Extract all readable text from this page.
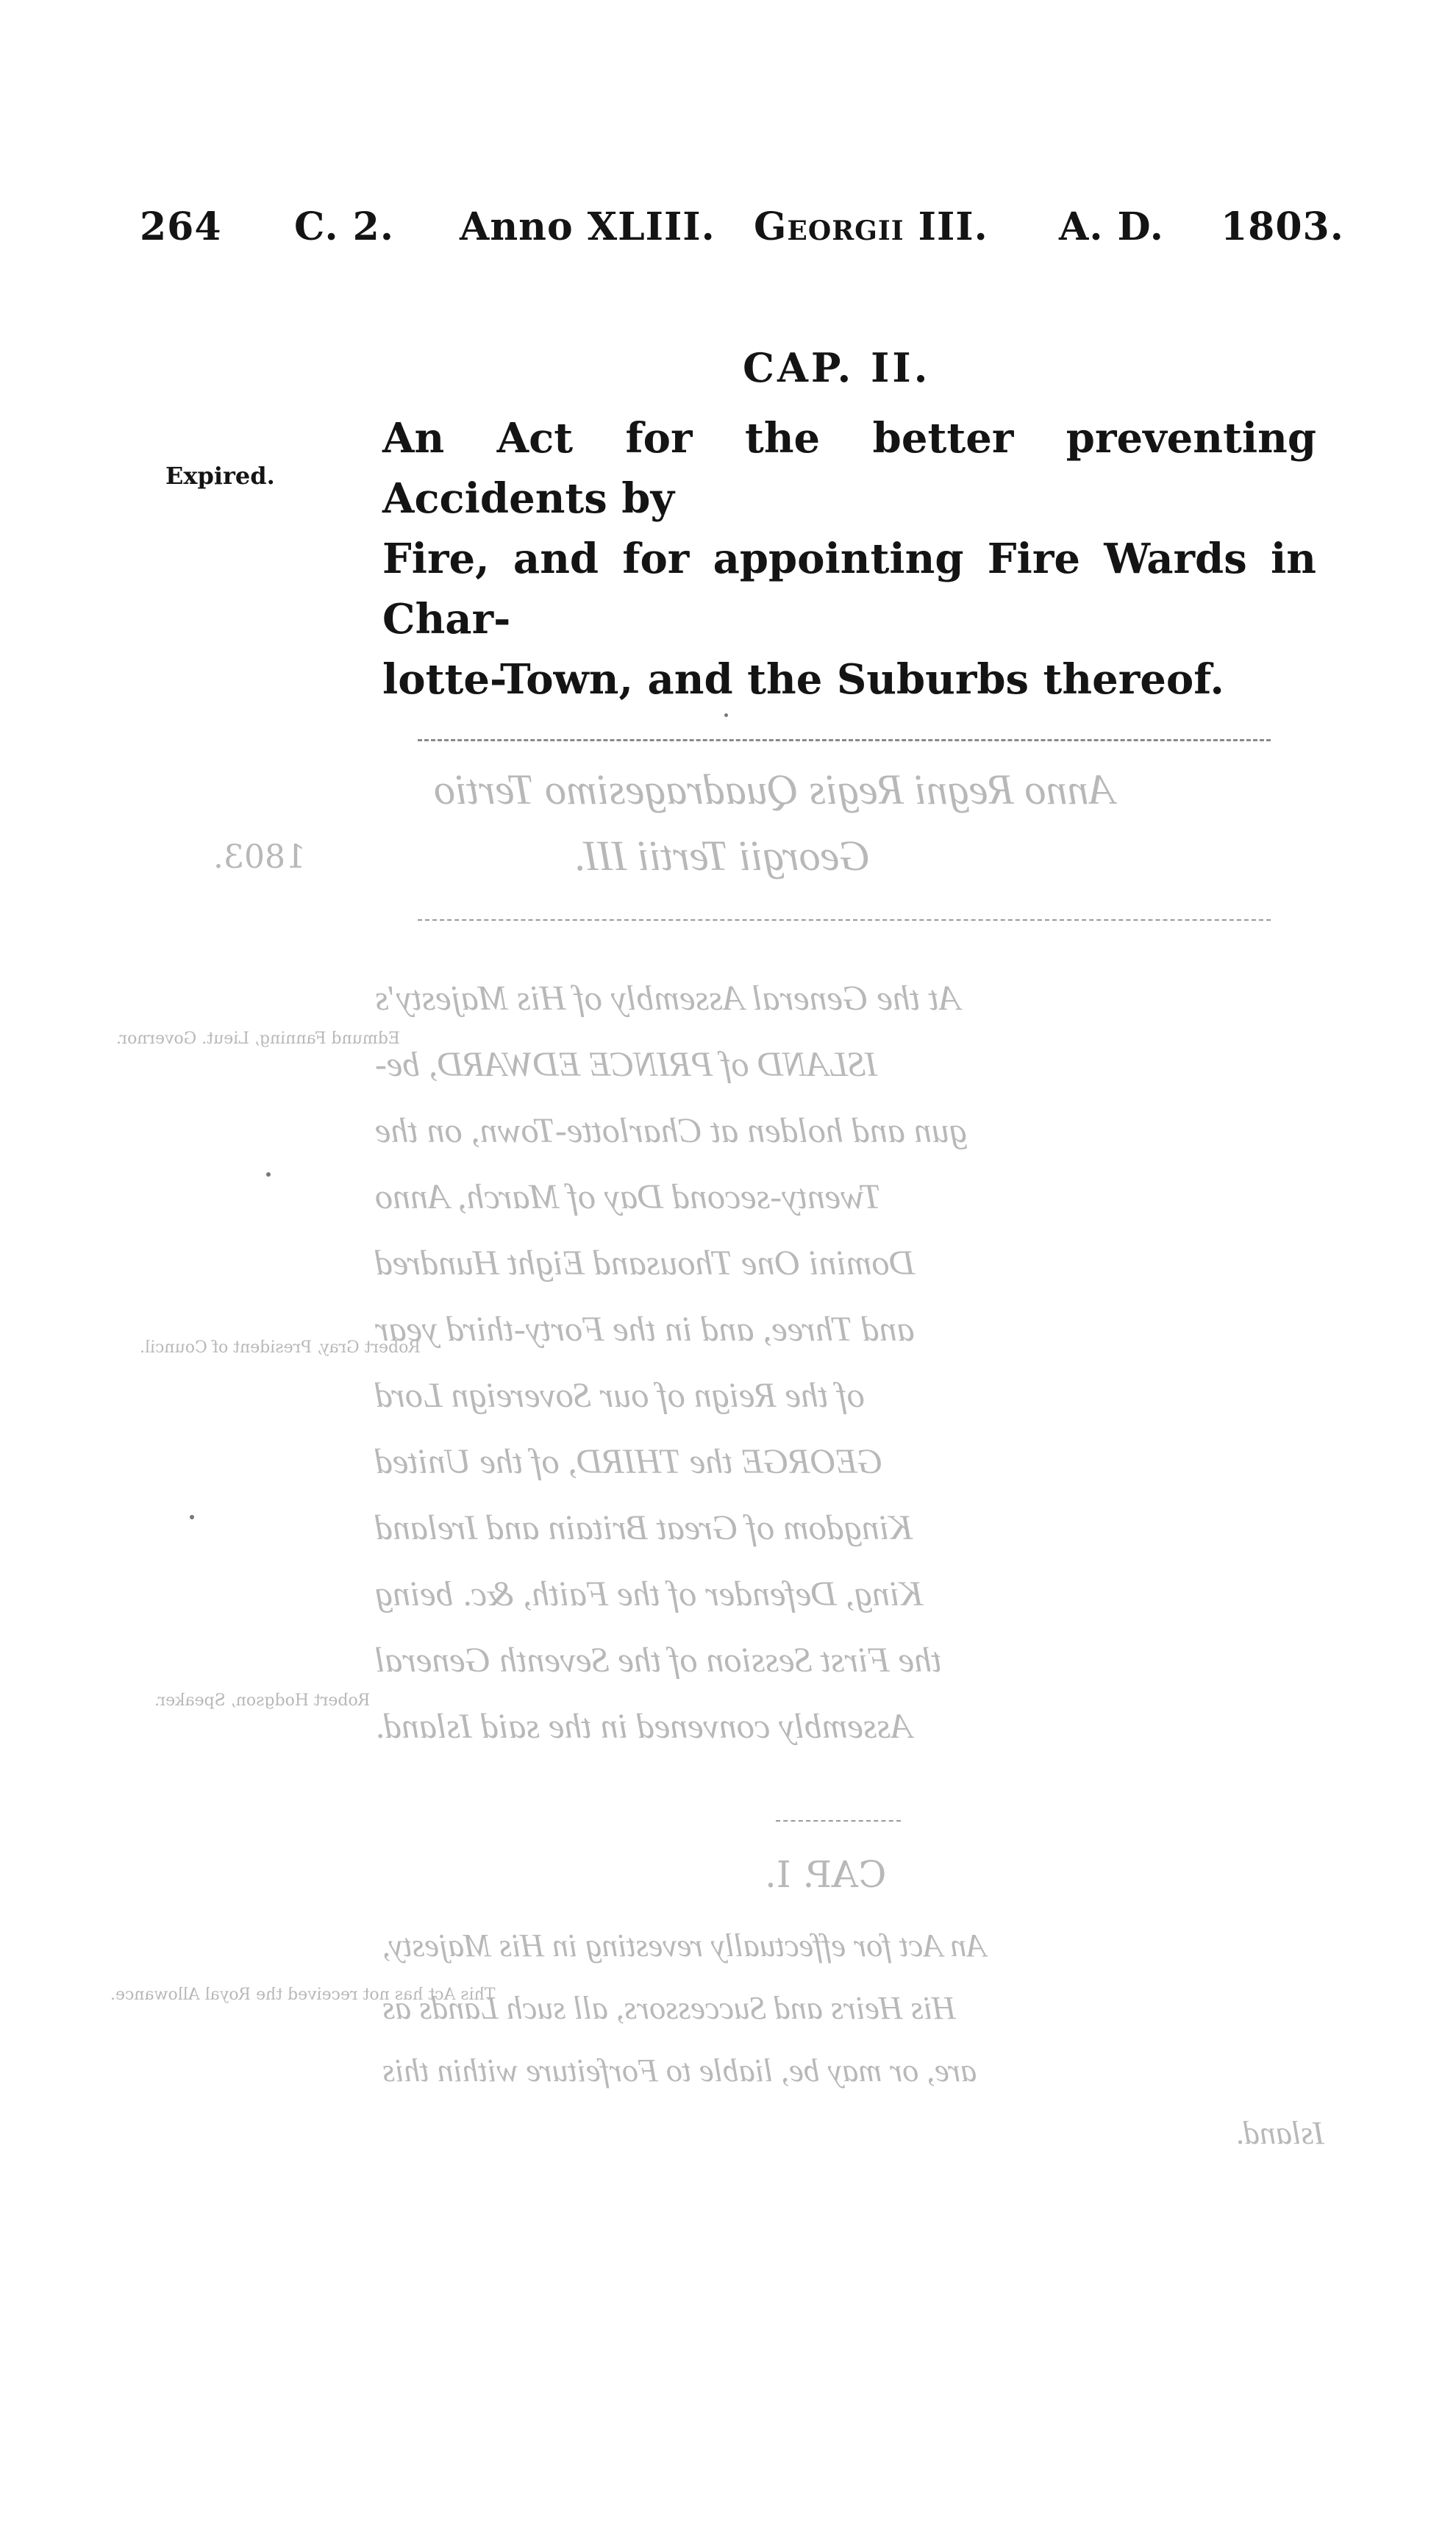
264 C. 2. Anno XLIII. Georgii III. A. D. 1803.
CAP. II.
Expired.
An Act for the better preventing Accidents by
Fire, and for appointing Fire Wards in Char-
lotte-Town, and the Suburbs thereof.
Anno Regni Regis Quadragesimo Tertio
Georgii Tertii III.
1803.
Edmund Fanning, Lieut. Governor.
Robert Gray, President of Council.
Robert Hodgson, Speaker.
At the General Assembly of His Majesty's
ISLAND of PRINCE EDWARD, be-
gun and holden at Charlotte-Town, on the
Twenty-second Day of March, Anno
Domini One Thousand Eight Hundred
and Three, and in the Forty-third year
of the Reign of our Sovereign Lord
GEORGE the THIRD, of the United
Kingdom of Great Britain and Ireland
King, Defender of the Faith, &c. being
the First Session of the Seventh General
Assembly convened in the said Island.
CAP. I.
An Act for effectually revesting in His Majesty,
His Heirs and Successors, all such Lands as
are, or may be, liable to Forfeiture within this
Island.
This Act has not received the Royal Allowance.
